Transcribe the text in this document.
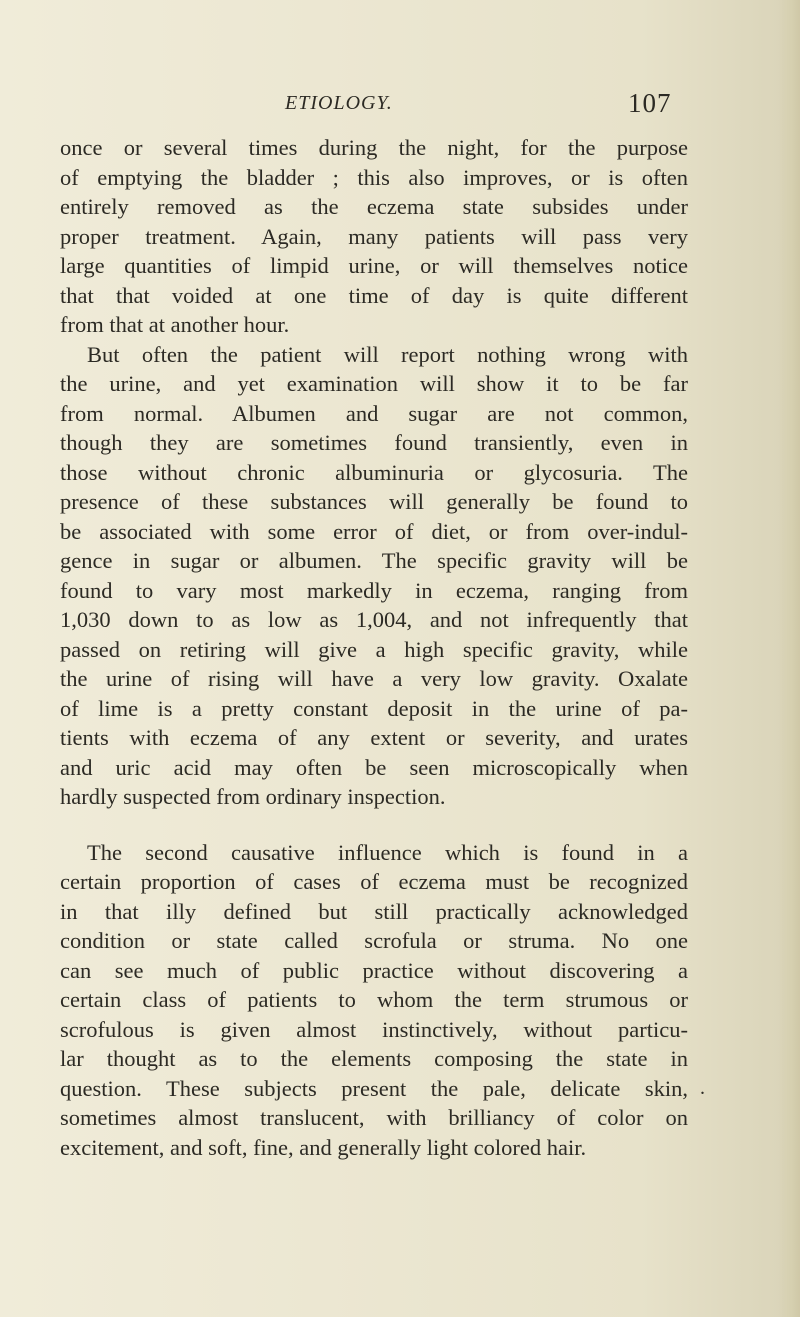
ETIOLOGY.	107
once or several times during the night, for the purpose
of emptying the bladder ; this also improves, or is often
entirely removed as the eczema state subsides under
proper treatment. Again, many patients will pass very
large quantities of limpid urine, or will themselves notice
that that voided at one time of day is quite different
from that at another hour.
But often the patient will report nothing wrong with
the urine, and yet examination will show it to be far
from normal. Albumen and sugar are not common,
though they are sometimes found transiently, even in
those without chronic albuminuria or glycosuria. The
presence of these substances will generally be found to
be associated with some error of diet, or from over-indul-
gence in sugar or albumen. The specific gravity will be
found to vary most markedly in eczema, ranging from
1,030 down to as low as 1,004, and not infrequently that
passed on retiring will give a high specific gravity, while
the urine of rising will have a very low gravity. Oxalate
of lime is a pretty constant deposit in the urine of pa-
tients with eczema of any extent or severity, and urates
and uric acid may often be seen microscopically when
hardly suspected from ordinary inspection.
The second causative influence which is found in a
certain proportion of cases of eczema must be recognized
in that illy defined but still practically acknowledged
condition or state called scrofula or struma. No one
can see much of public practice without discovering a
certain class of patients to whom the term strumous or
scrofulous is given almost instinctively, without particu-
lar thought as to the elements composing the state in
question. These subjects present the pale, delicate skin,
sometimes almost translucent, with brilliancy of color on
excitement, and soft, fine, and generally light colored hair.
.
